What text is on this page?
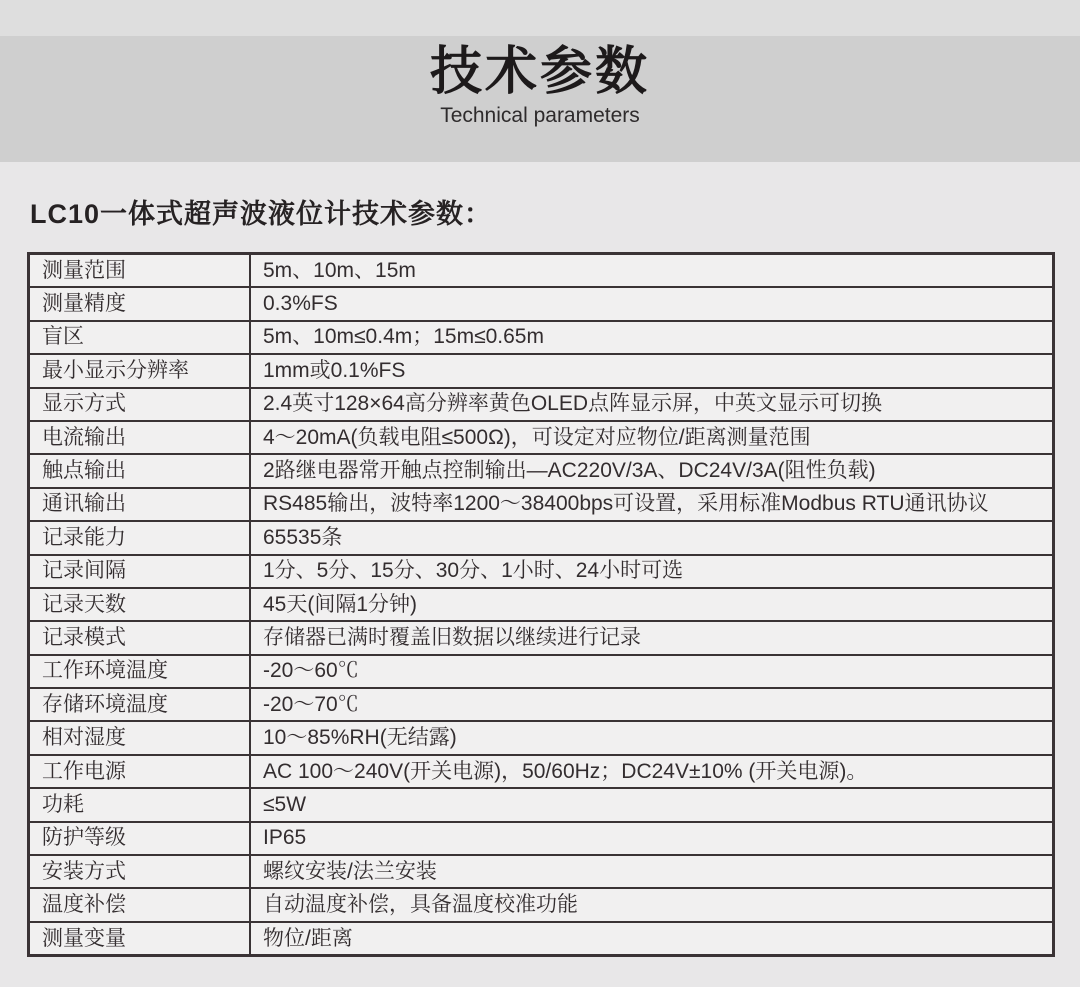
技术参数
Technical parameters
LC10一体式超声波液位计技术参数：
测量范围	5m、10m、15m
测量精度	0.3%FS
盲区	5m、10m≤0.4m；15m≤0.65m
最小显示分辨率	1mm或0.1%FS
显示方式	2.4英寸128×64高分辨率黄色OLED点阵显示屏，中英文显示可切换
电流输出	4～20mA(负载电阻≤500Ω)，可设定对应物位/距离测量范围
触点输出	2路继电器常开触点控制输出—AC220V/3A、DC24V/3A(阻性负载)
通讯输出	RS485输出，波特率1200～38400bps可设置，采用标准Modbus RTU通讯协议
记录能力	65535条
记录间隔	1分、5分、15分、30分、1小时、24小时可选
记录天数	45天(间隔1分钟)
记录模式	存储器已满时覆盖旧数据以继续进行记录
工作环境温度	-20～60℃
存储环境温度	-20～70℃
相对湿度	10～85%RH(无结露)
工作电源	AC 100～240V(开关电源)，50/60Hz；DC24V±10% (开关电源)。
功耗	≤5W
防护等级	IP65
安装方式	螺纹安装/法兰安装
温度补偿	自动温度补偿，具备温度校准功能
测量变量	物位/距离
